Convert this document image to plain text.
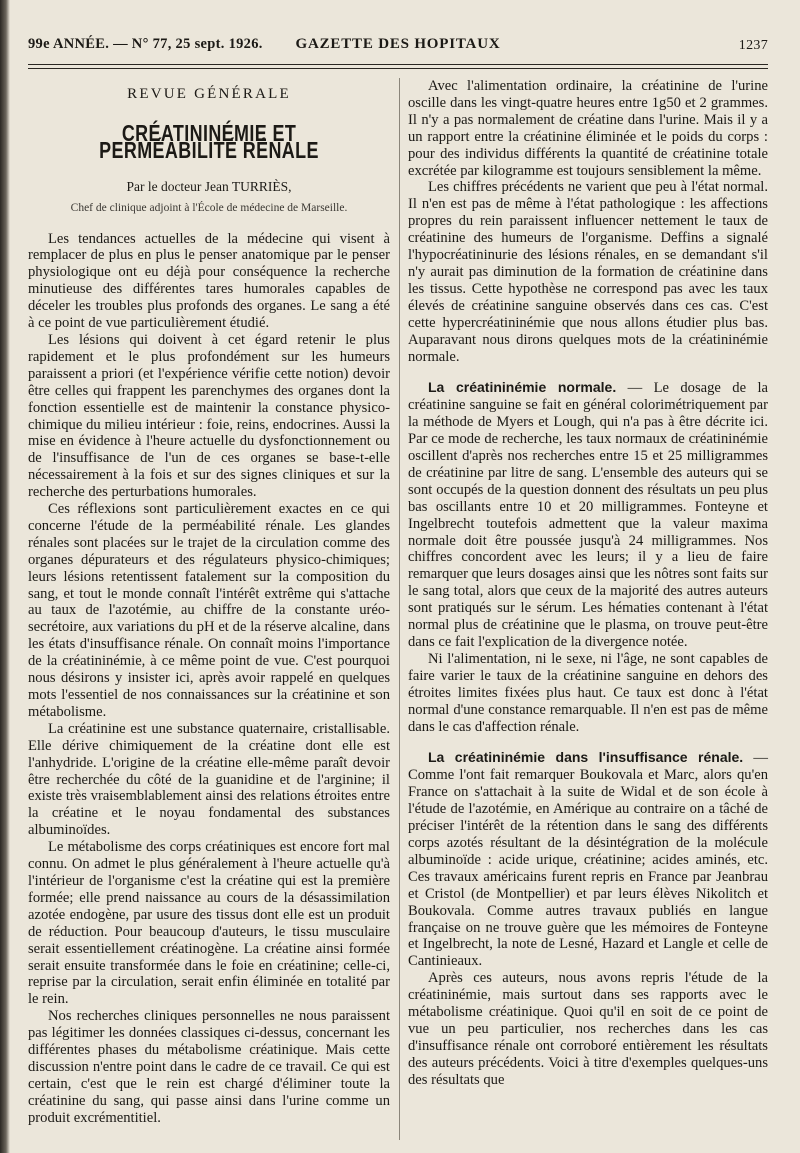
99e ANNÉE. — N° 77, 25 sept. 1926.	GAZETTE DES HOPITAUX	1237

REVUE GÉNÉRALE

CRÉATININÉMIE ET PERMÉABILITÉ RÉNALE

Par le docteur Jean TURRIÈS,

Chef de clinique adjoint à l'École de médecine de Marseille.

Les tendances actuelles de la médecine qui visent à remplacer de plus en plus le penser anatomique par le penser physiologique ont eu déjà pour conséquence la recherche minutieuse des différentes tares humorales capables de déceler les troubles plus profonds des organes. Le sang a été à ce point de vue particulièrement étudié.

Les lésions qui doivent à cet égard retenir le plus rapidement et le plus profondément sur les humeurs paraissent a priori (et l'expérience vérifie cette notion) devoir être celles qui frappent les parenchymes des organes dont la fonction essentielle est de maintenir la constance physico-chimique du milieu intérieur : foie, reins, endocrines. Aussi la mise en évidence à l'heure actuelle du dysfonctionnement ou de l'insuffisance de l'un de ces organes se base-t-elle nécessairement à la fois et sur des signes cliniques et sur la recherche des perturbations humorales.

Ces réflexions sont particulièrement exactes en ce qui concerne l'étude de la perméabilité rénale. Les glandes rénales sont placées sur le trajet de la circulation comme des organes dépurateurs et des régulateurs physico-chimiques; leurs lésions retentissent fatalement sur la composition du sang, et tout le monde connaît l'intérêt extrême qui s'attache au taux de l'azotémie, au chiffre de la constante uréo-secrétoire, aux variations du pH et de la réserve alcaline, dans les états d'insuffisance rénale. On connaît moins l'importance de la créatininémie, à ce même point de vue. C'est pourquoi nous désirons y insister ici, après avoir rappelé en quelques mots l'essentiel de nos connaissances sur la créatinine et son métabolisme.

La créatinine est une substance quaternaire, cristallisable. Elle dérive chimiquement de la créatine dont elle est l'anhydride. L'origine de la créatine elle-même paraît devoir être recherchée du côté de la guanidine et de l'arginine; il existe très vraisemblablement ainsi des relations étroites entre la créatine et le noyau fondamental des substances albuminoïdes.

Le métabolisme des corps créatiniques est encore fort mal connu. On admet le plus généralement à l'heure actuelle qu'à l'intérieur de l'organisme c'est la créatine qui est la première formée; elle prend naissance au cours de la désassimilation azotée endogène, par usure des tissus dont elle est un produit de réduction. Pour beaucoup d'auteurs, le tissu musculaire serait essentiellement créatinogène. La créatine ainsi formée serait ensuite transformée dans le foie en créatinine; celle-ci, reprise par la circulation, serait enfin éliminée en totalité par le rein.

Nos recherches cliniques personnelles ne nous paraissent pas légitimer les données classiques ci-dessus, concernant les différentes phases du métabolisme créatinique. Mais cette discussion n'entre point dans le cadre de ce travail. Ce qui est certain, c'est que le rein est chargé d'éliminer toute la créatinine du sang, qui passe ainsi dans l'urine comme un produit excrémentitiel.

Avec l'alimentation ordinaire, la créatinine de l'urine oscille dans les vingt-quatre heures entre 1g50 et 2 grammes. Il n'y a pas normalement de créatine dans l'urine. Mais il y a un rapport entre la créatinine éliminée et le poids du corps : pour des individus différents la quantité de créatinine totale excrétée par kilogramme est toujours sensiblement la même.

Les chiffres précédents ne varient que peu à l'état normal. Il n'en est pas de même à l'état pathologique : les affections propres du rein paraissent influencer nettement le taux de créatinine des humeurs de l'organisme. Deffins a signalé l'hypocréatininurie des lésions rénales, en se demandant s'il n'y aurait pas diminution de la formation de créatinine dans les tissus. Cette hypothèse ne correspond pas avec les taux élevés de créatinine sanguine observés dans ces cas. C'est cette hypercréatininémie que nous allons étudier plus bas. Auparavant nous dirons quelques mots de la créatininémie normale.

La créatininémie normale. — Le dosage de la créatinine sanguine se fait en général colorimétriquement par la méthode de Myers et Lough, qui n'a pas à être décrite ici. Par ce mode de recherche, les taux normaux de créatininémie oscillent d'après nos recherches entre 15 et 25 milligrammes de créatinine par litre de sang. L'ensemble des auteurs qui se sont occupés de la question donnent des résultats un peu plus bas oscillants entre 10 et 20 milligrammes. Fonteyne et Ingelbrecht toutefois admettent que la valeur maxima normale doit être poussée jusqu'à 24 milligrammes. Nos chiffres concordent avec les leurs; il y a lieu de faire remarquer que leurs dosages ainsi que les nôtres sont faits sur le sang total, alors que ceux de la majorité des autres auteurs sont pratiqués sur le sérum. Les hématies contenant à l'état normal plus de créatinine que le plasma, on trouve peut-être dans ce fait l'explication de la divergence notée.

Ni l'alimentation, ni le sexe, ni l'âge, ne sont capables de faire varier le taux de la créatinine sanguine en dehors des étroites limites fixées plus haut. Ce taux est donc à l'état normal d'une constance remarquable. Il n'en est pas de même dans le cas d'affection rénale.

La créatininémie dans l'insuffisance rénale. — Comme l'ont fait remarquer Boukovala et Marc, alors qu'en France on s'attachait à la suite de Widal et de son école à l'étude de l'azotémie, en Amérique au contraire on a tâché de préciser l'intérêt de la rétention dans le sang des différents corps azotés résultant de la désintégration de la molécule albuminoïde : acide urique, créatinine; acides aminés, etc. Ces travaux américains furent repris en France par Jeanbrau et Cristol (de Montpellier) et par leurs élèves Nikolitch et Boukovala. Comme autres travaux publiés en langue française on ne trouve guère que les mémoires de Fonteyne et Ingelbrecht, la note de Lesné, Hazard et Langle et celle de Cantinieaux.

Après ces auteurs, nous avons repris l'étude de la créatininémie, mais surtout dans ses rapports avec le métabolisme créatinique. Quoi qu'il en soit de ce point de vue un peu particulier, nos recherches dans les cas d'insuffisance rénale ont corroboré entièrement les résultats des auteurs précédents. Voici à titre d'exemples quelques-uns des résultats que
